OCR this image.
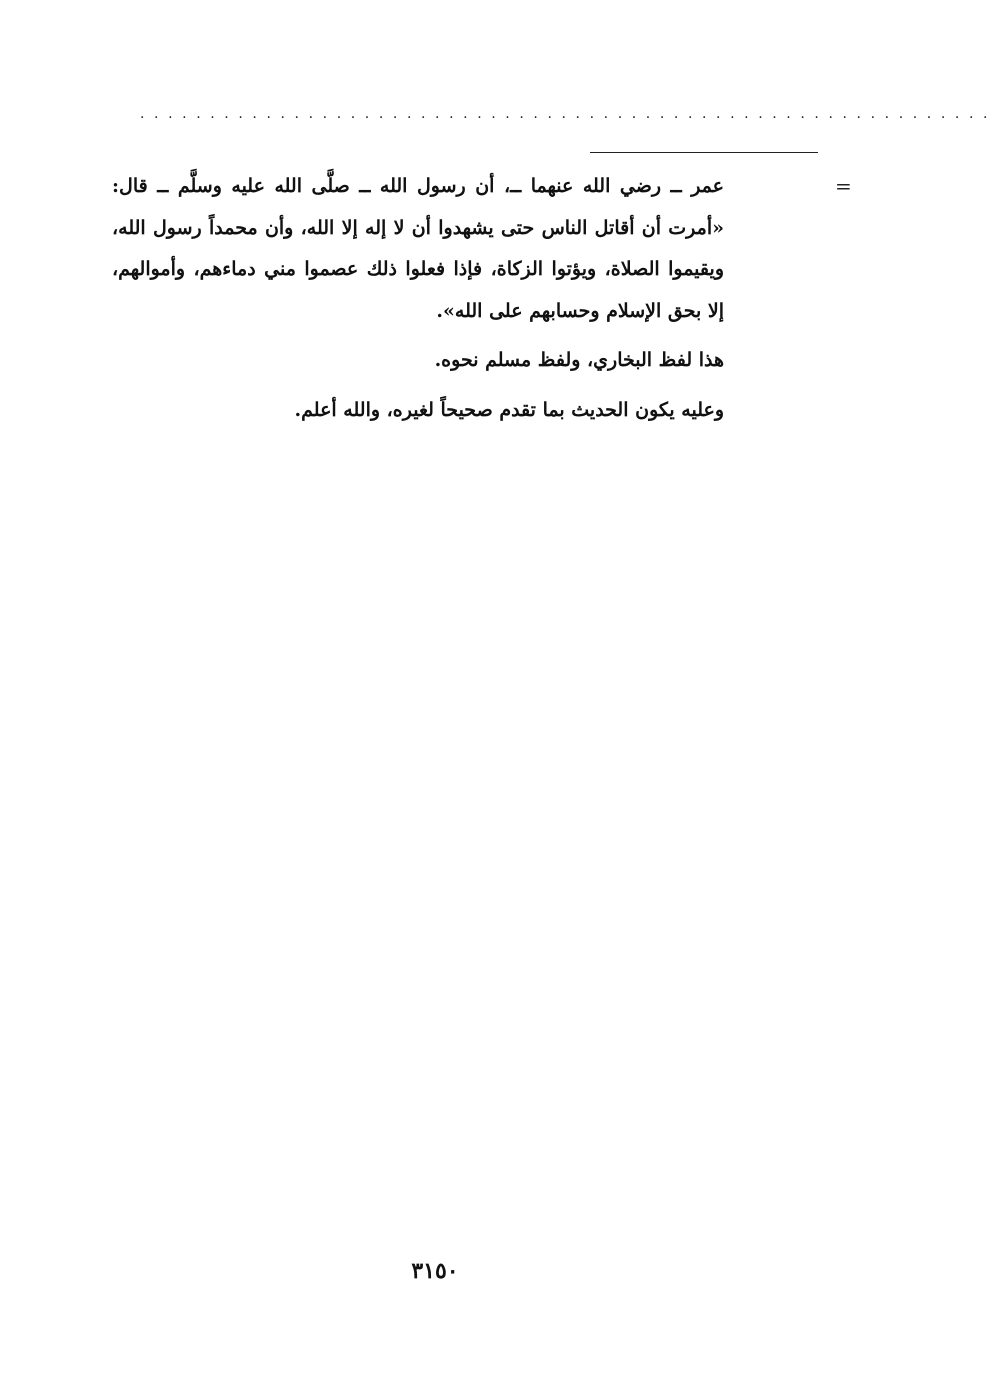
.............................................................
=

عمر ــ رضي الله عنهما ــ، أن رسول الله ــ صلَّى الله عليه وسلَّم ــ قال: «أمرت أن أقاتل الناس حتى يشهدوا أن لا إله إلا الله، وأن محمداً رسول الله، ويقيموا الصلاة، ويؤتوا الزكاة، فإذا فعلوا ذلك عصموا مني دماءهم، وأموالهم، إلا بحق الإسلام وحسابهم على الله».

هذا لفظ البخاري، ولفظ مسلم نحوه.

وعليه يكون الحديث بما تقدم صحيحاً لغيره، والله أعلم.

٣١٥٠
